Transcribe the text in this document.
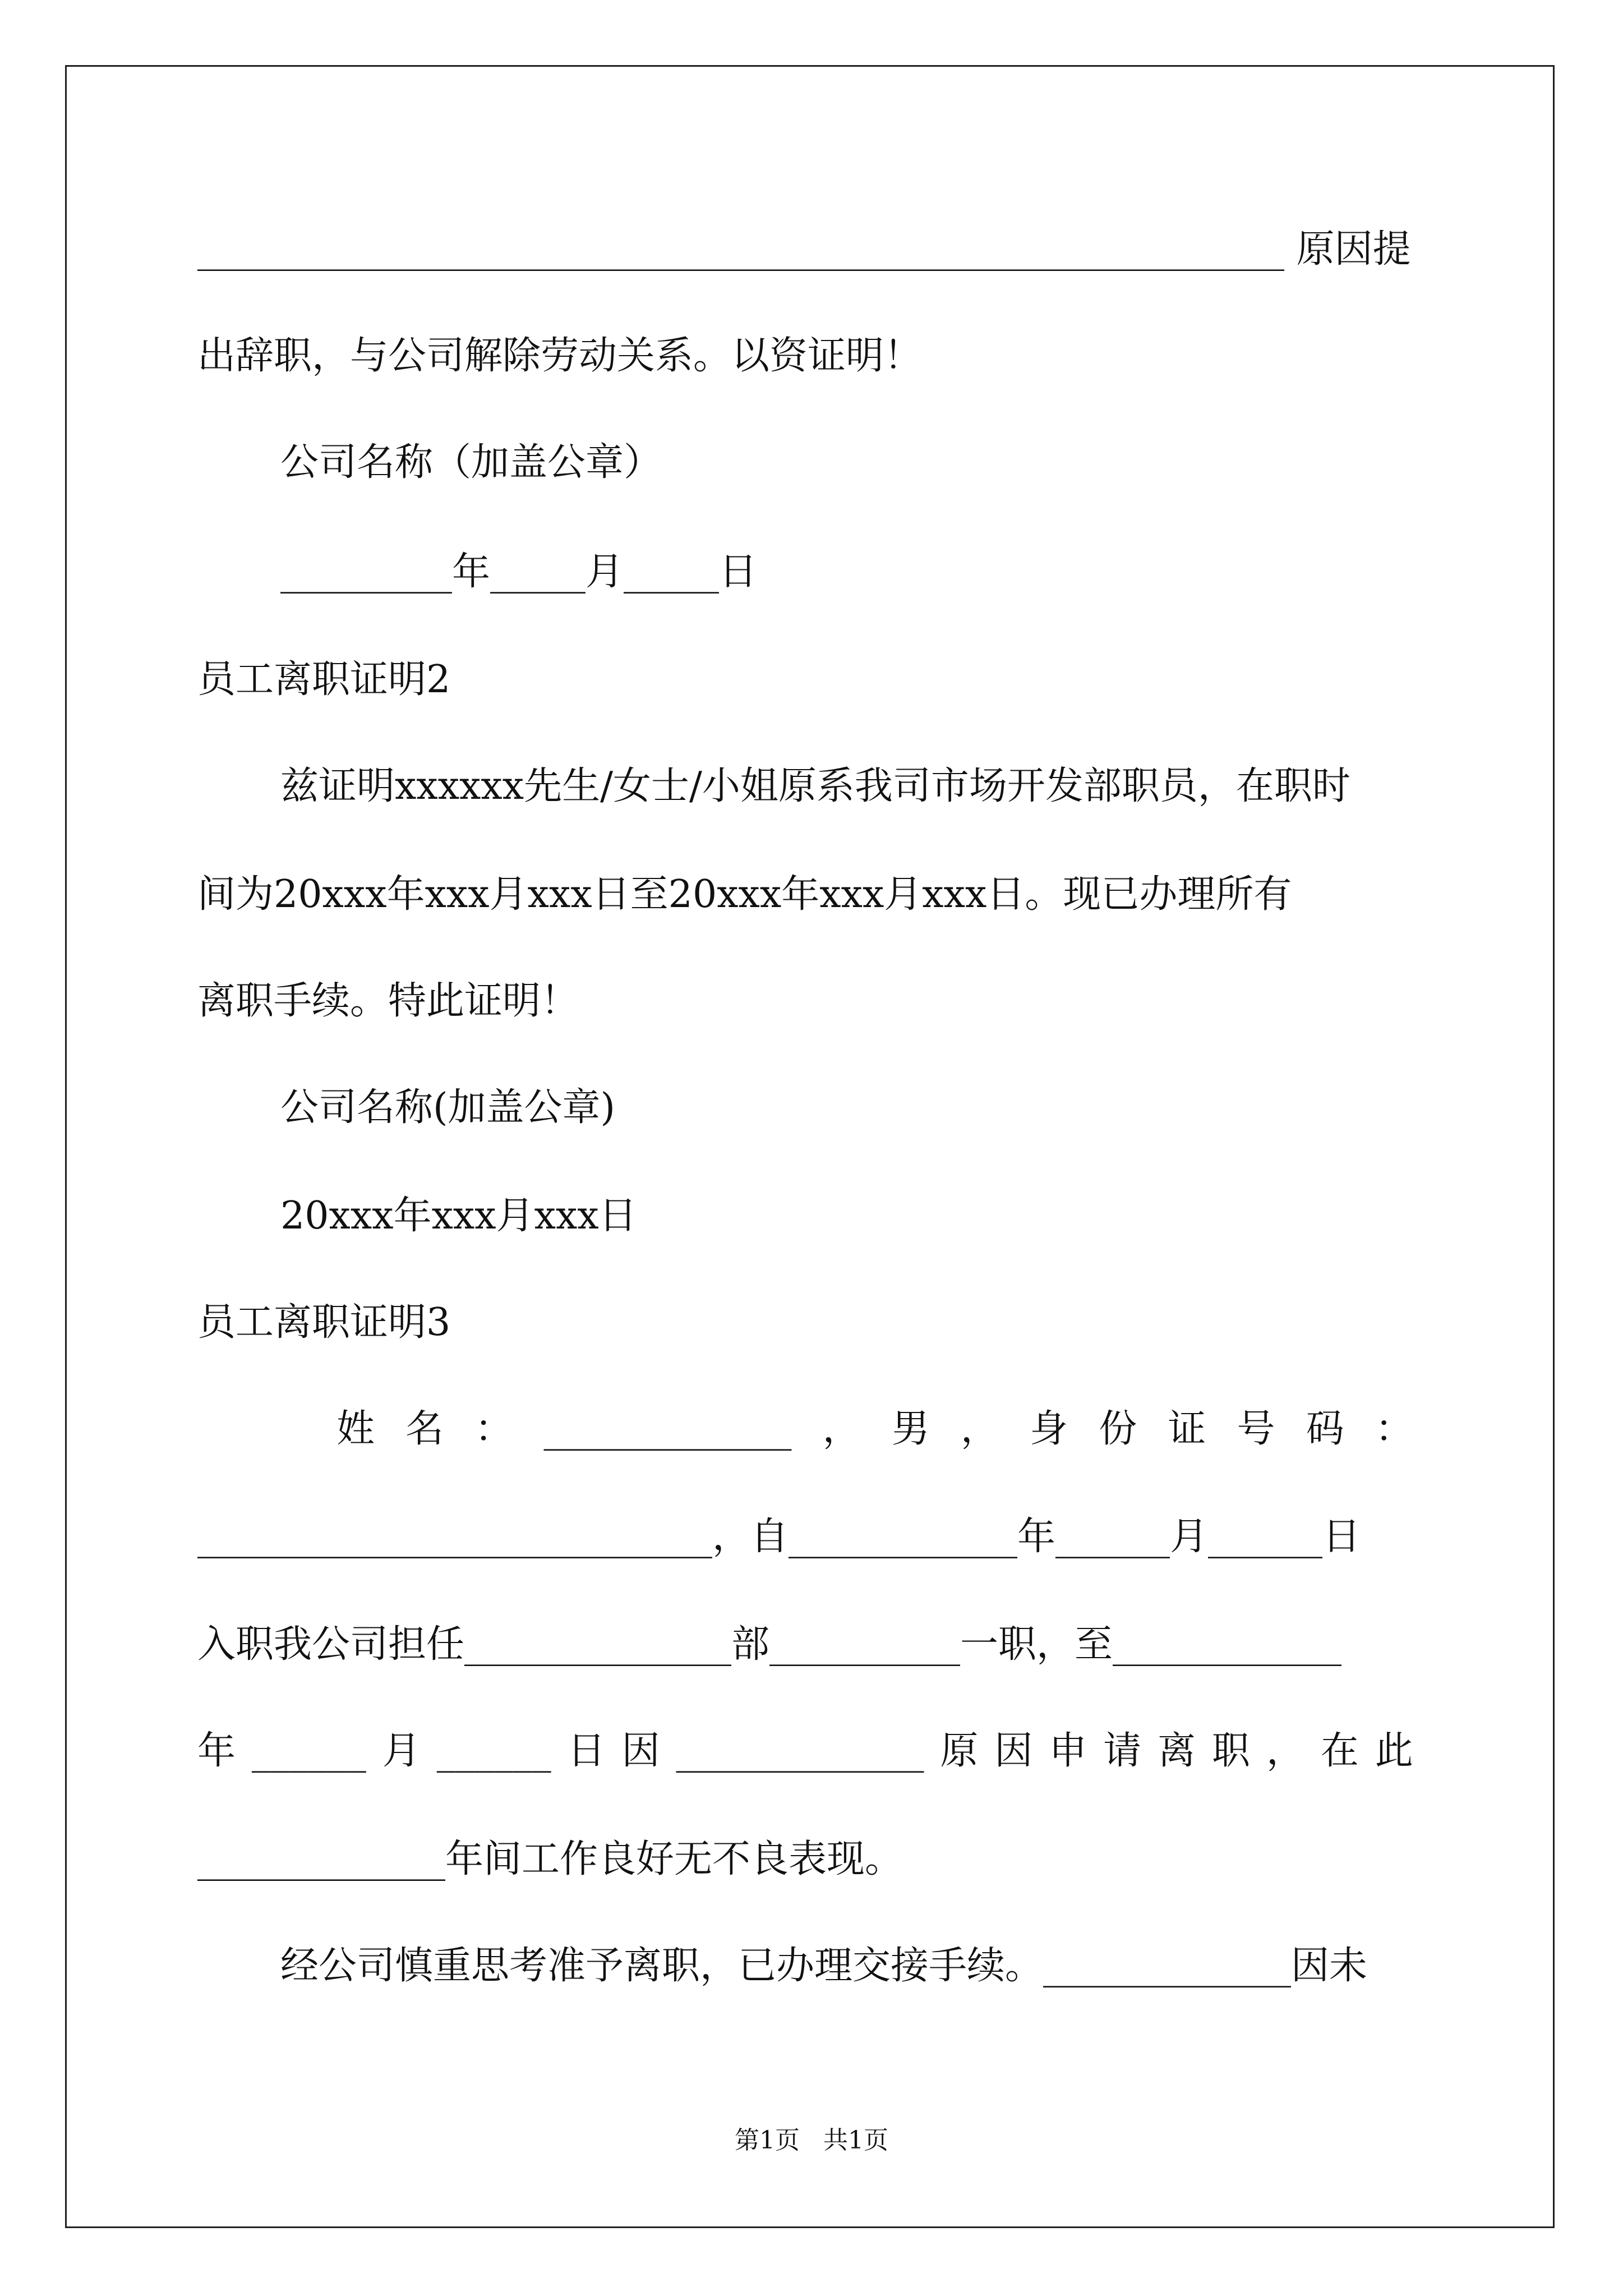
_________________________________________________________ 原因提
出辞职，与公司解除劳动关系。以资证明！
公司名称（加盖公章）
_________年_____月_____日
员工离职证明2
兹证明xxxxxx先生/女士/小姐原系我司市场开发部职员，在职时
间为20xxx年xxx月xxx日至20xxx年xxx月xxx日。现已办理所有
离职手续。特此证明！
公司名称(加盖公章)
20xxx年xxx月xxx日
员工离职证明3
姓 名 ： _____________ ， 男 ， 身 份 证 号 码 ：
___________________________，自____________年______月______日
入职我公司担任______________部__________一职，至____________
年 ______ 月 ______ 日 因 _____________ 原 因 申 请 离 职 ， 在 此
_____________年间工作良好无不良表现。
经公司慎重思考准予离职，已办理交接手续。_____________因未
第1页 共1页
